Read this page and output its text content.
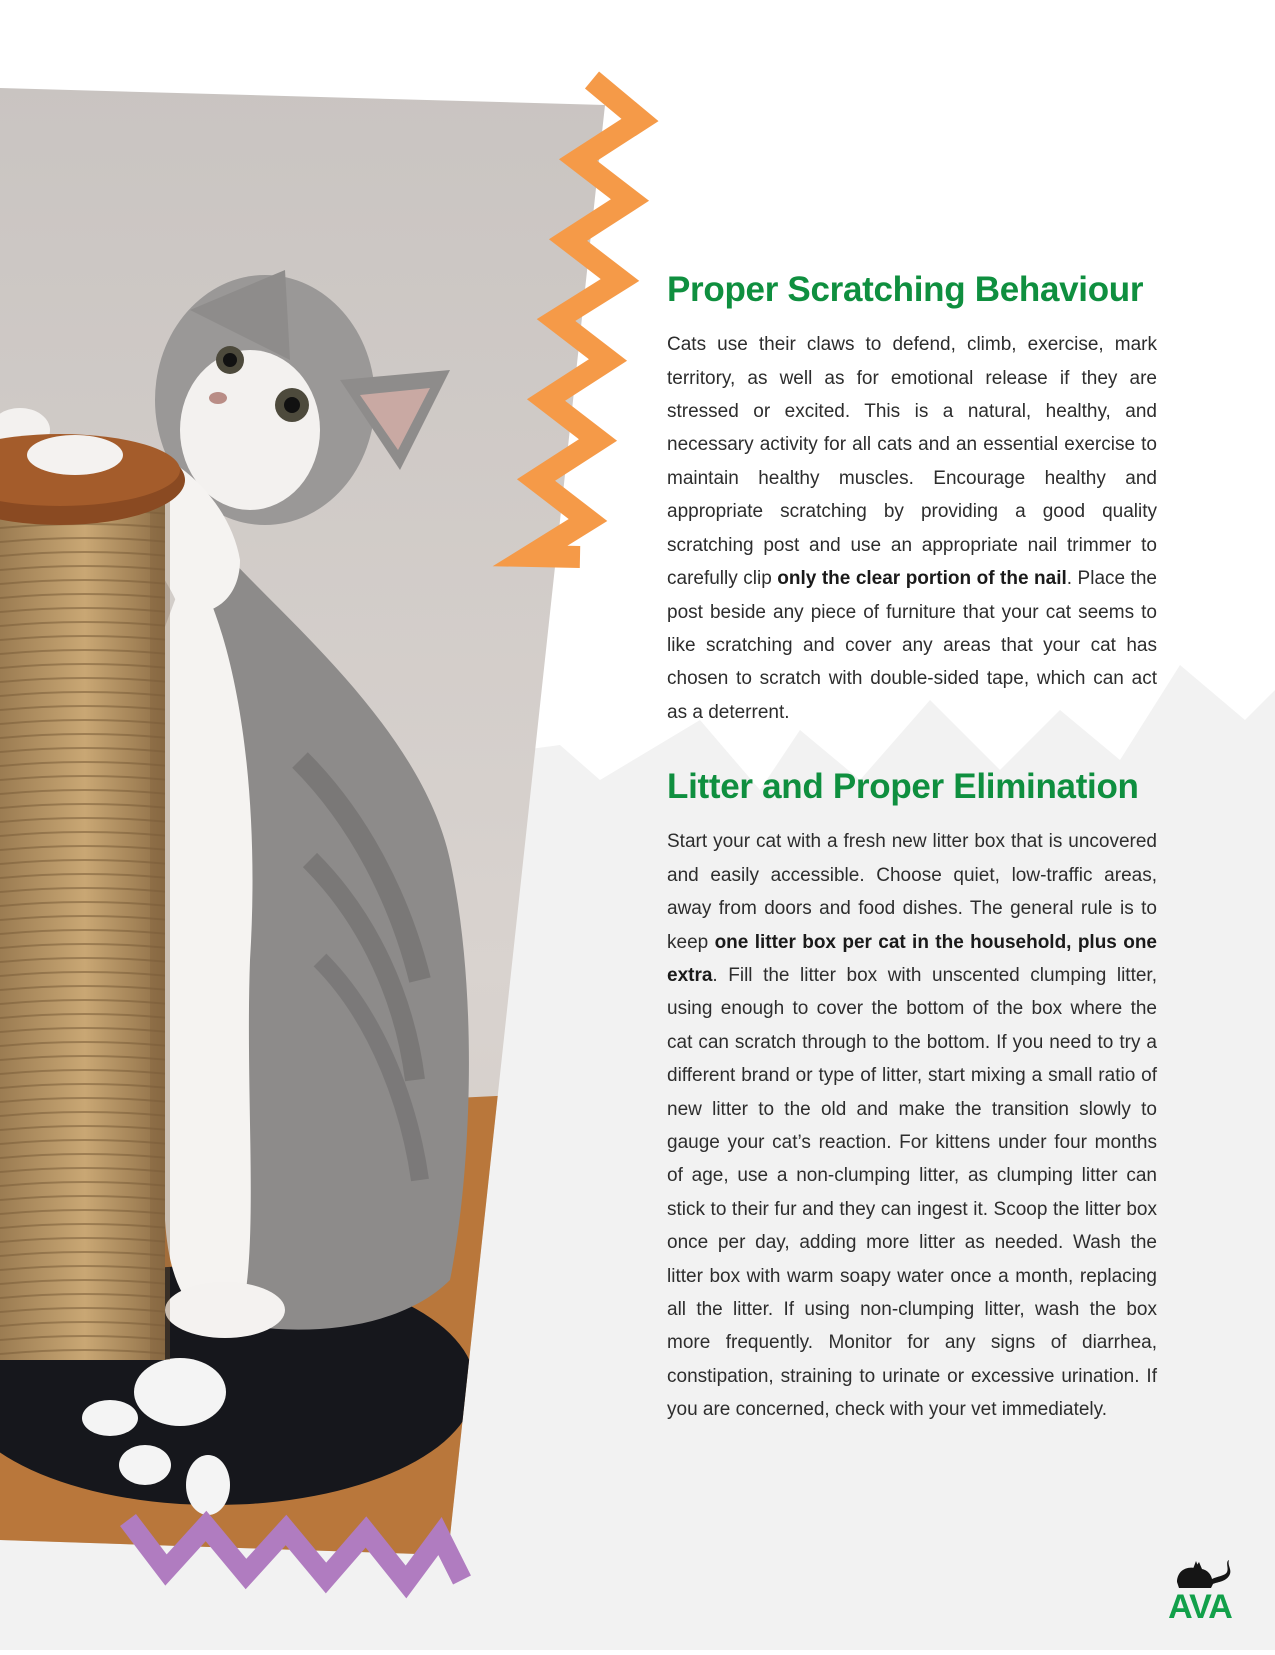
Proper Scratching Behaviour

Cats use their claws to defend, climb, exercise, mark territory, as well as for emotional release if they are stressed or excited. This is a natural, healthy, and necessary activity for all cats and an essential exercise to maintain healthy muscles. Encourage healthy and appropriate scratching by providing a good quality scratching post and use an appropriate nail trimmer to carefully clip only the clear portion of the nail. Place the post beside any piece of furniture that your cat seems to like scratching and cover any areas that your cat has chosen to scratch with double-sided tape, which can act as a deterrent.

Litter and Proper Elimination

Start your cat with a fresh new litter box that is uncovered and easily accessible. Choose quiet, low-traffic areas, away from doors and food dishes. The general rule is to keep one litter box per cat in the household, plus one extra. Fill the litter box with unscented clumping litter, using enough to cover the bottom of the box where the cat can scratch through to the bottom. If you need to try a different brand or type of litter, start mixing a small ratio of new litter to the old and make the transition slowly to gauge your cat’s reaction. For kittens under four months of age, use a non-clumping litter, as clumping litter can stick to their fur and they can ingest it. Scoop the litter box once per day, adding more litter as needed. Wash the litter box with warm soapy water once a month, replacing all the litter. If using non-clumping litter, wash the box more frequently. Monitor for any signs of diarrhea, constipation, straining to urinate or excessive urination. If you are concerned, check with your vet immediately.

AVA
